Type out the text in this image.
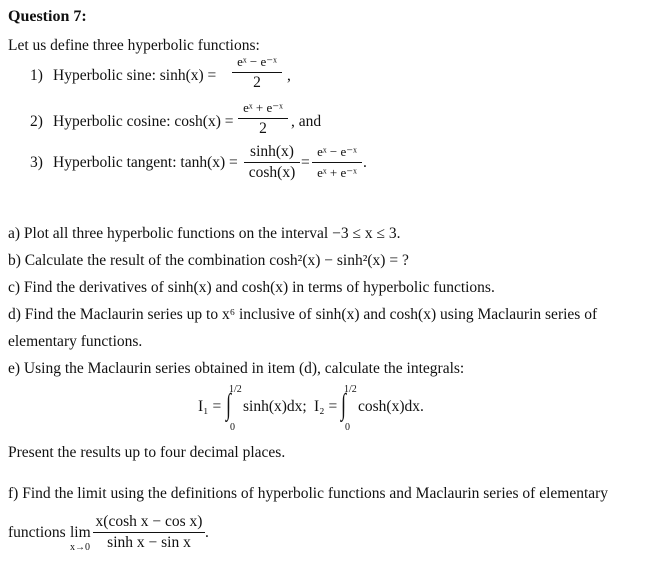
Question 7:
Let us define three hyperbolic functions:
1) Hyperbolic sine: sinh(x) =
eˣ − e⁻ˣ
2	,
2) Hyperbolic cosine: cosh(x) =
eˣ + e⁻ˣ
2	, and
3) Hyperbolic tangent: tanh(x) =
sinh(x)
cosh(x)
=
eˣ − e⁻ˣ
eˣ + e⁻ˣ
.
a) Plot all three hyperbolic functions on the interval −3 ≤ x ≤ 3.
b) Calculate the result of the combination cosh²(x) − sinh²(x) = ?
c) Find the derivatives of sinh(x) and cosh(x) in terms of hyperbolic functions.
d) Find the Maclaurin series up to x⁶ inclusive of sinh(x) and cosh(x) using Maclaurin series of
elementary functions.
e) Using the Maclaurin series obtained in item (d), calculate the integrals:
I₁ =
1/2
∫
0
sinh(x)dx; I₂ =
1/2
∫
0
cosh(x)dx.
Present the results up to four decimal places.
f) Find the limit using the definitions of hyperbolic functions and Maclaurin series of elementary
functions lim
x→0
x(cosh x − cos x)
sinh x − sin x
.
